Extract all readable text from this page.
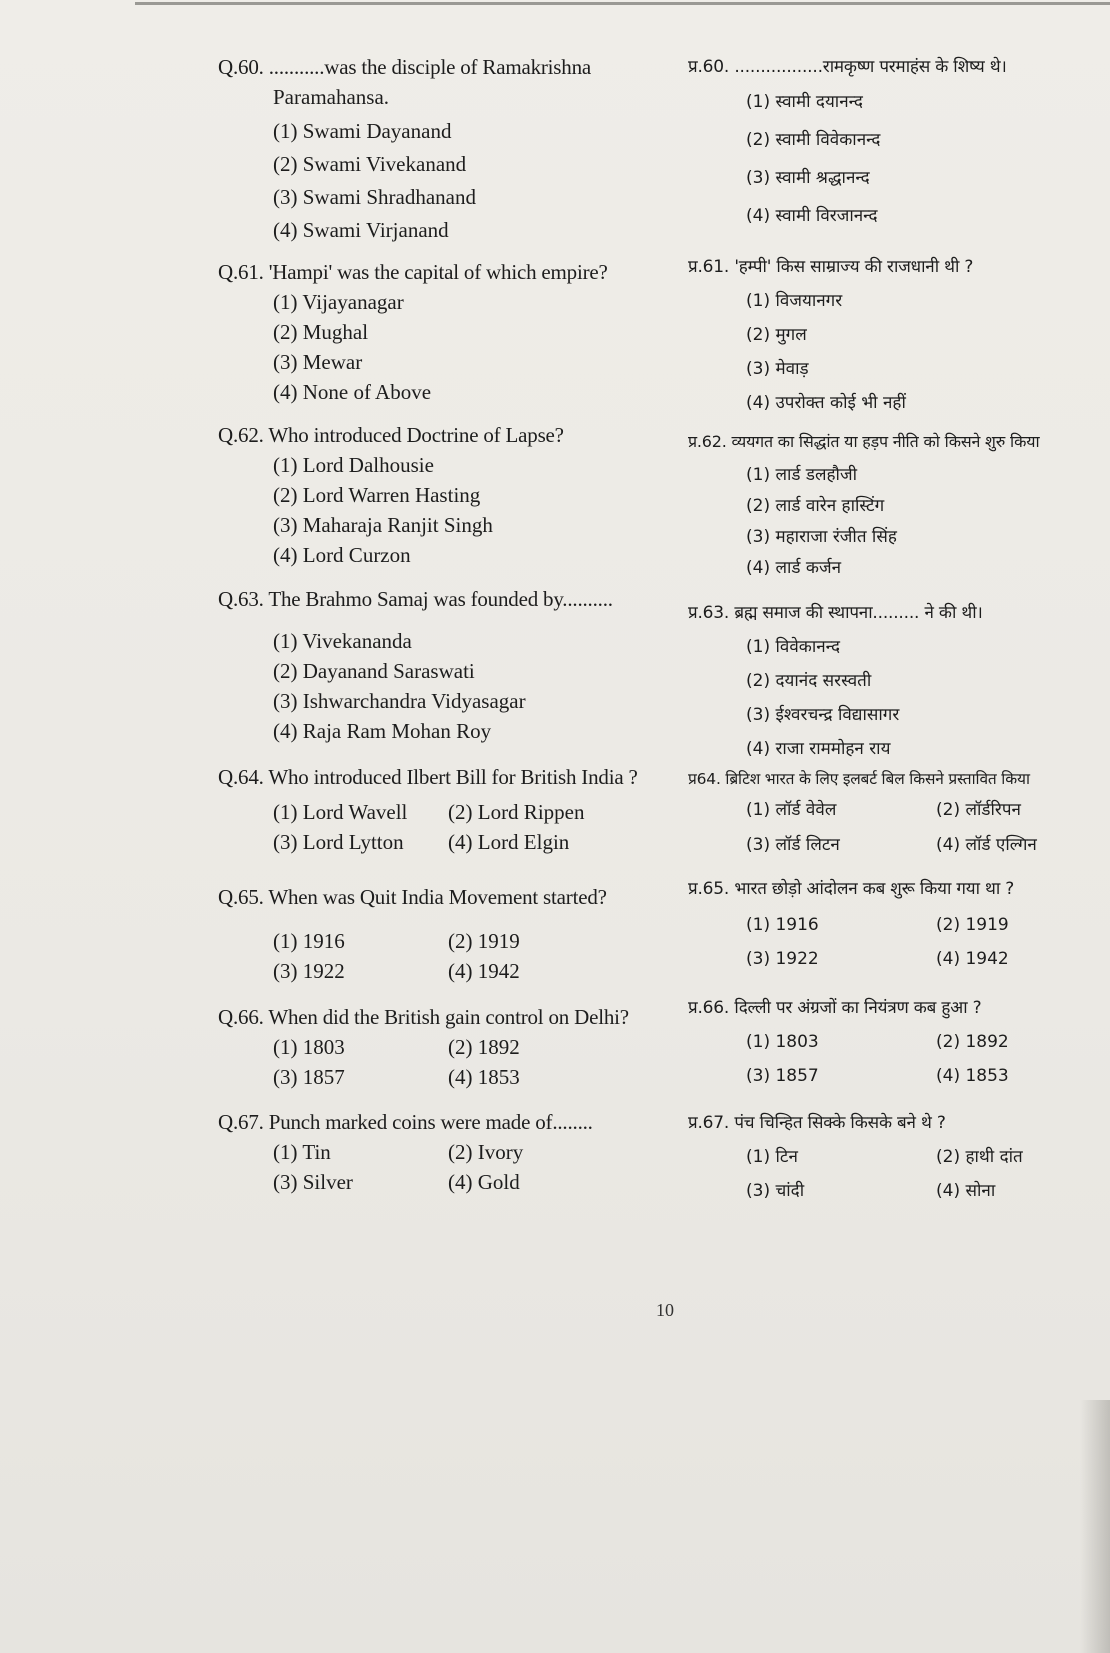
Q.60. ...........was the disciple of Ramakrishna
Paramahansa.
(1) Swami Dayanand
(2) Swami Vivekanand
(3) Swami Shradhanand
(4) Swami Virjanand
Q.61. 'Hampi' was the capital of which empire?
(1) Vijayanagar
(2) Mughal
(3) Mewar
(4) None of Above
Q.62. Who introduced Doctrine of Lapse?
(1) Lord Dalhousie
(2) Lord Warren Hasting
(3) Maharaja Ranjit Singh
(4) Lord Curzon
Q.63. The Brahmo Samaj was founded by..........
(1) Vivekananda
(2) Dayanand Saraswati
(3) Ishwarchandra Vidyasagar
(4) Raja Ram Mohan Roy
Q.64. Who introduced Ilbert Bill for British India ?
(1) Lord Wavell	(2) Lord Rippen
(3) Lord Lytton	(4) Lord Elgin
Q.65. When was Quit India Movement started?
(1) 1916	(2) 1919
(3) 1922	(4) 1942
Q.66. When did the British gain control on Delhi?
(1) 1803	(2) 1892
(3) 1857	(4) 1853
Q.67. Punch marked coins were made of........
(1) Tin	(2) Ivory
(3) Silver	(4) Gold
प्र.60. .................रामकृष्ण परमाहंस के शिष्य थे।
(1) स्वामी दयानन्द
(2) स्वामी विवेकानन्द
(3) स्वामी श्रद्धानन्द
(4) स्वामी विरजानन्द
प्र.61. 'हम्पी' किस साम्राज्य की राजधानी थी ?
(1) विजयानगर
(2) मुगल
(3) मेवाड़
(4) उपरोक्त कोई भी नहीं
प्र.62. व्ययगत का सिद्धांत या हड़प नीति को किसने शुरु किया
(1) लार्ड डलहौजी
(2) लार्ड वारेन हास्टिंग
(3) महाराजा रंजीत सिंह
(4) लार्ड कर्जन
प्र.63. ब्रह्म समाज की स्थापना......... ने की थी।
(1) विवेकानन्द
(2) दयानंद सरस्वती
(3) ईश्वरचन्द्र विद्यासागर
(4) राजा राममोहन राय
प्र64. ब्रिटिश भारत के लिए इलबर्ट बिल किसने प्रस्तावित किया
(1) लॉर्ड वेवेल	(2) लॉर्डरिपन
(3) लॉर्ड लिटन	(4) लॉर्ड एल्गिन
प्र.65. भारत छोड़ो आंदोलन कब शुरू किया गया था ?
(1) 1916	(2) 1919
(3) 1922	(4) 1942
प्र.66. दिल्ली पर अंग्रजों का नियंत्रण कब हुआ ?
(1) 1803	(2) 1892
(3) 1857	(4) 1853
प्र.67. पंच चिन्हित सिक्के किसके बने थे ?
(1) टिन	(2) हाथी दांत
(3) चांदी	(4) सोना
10
